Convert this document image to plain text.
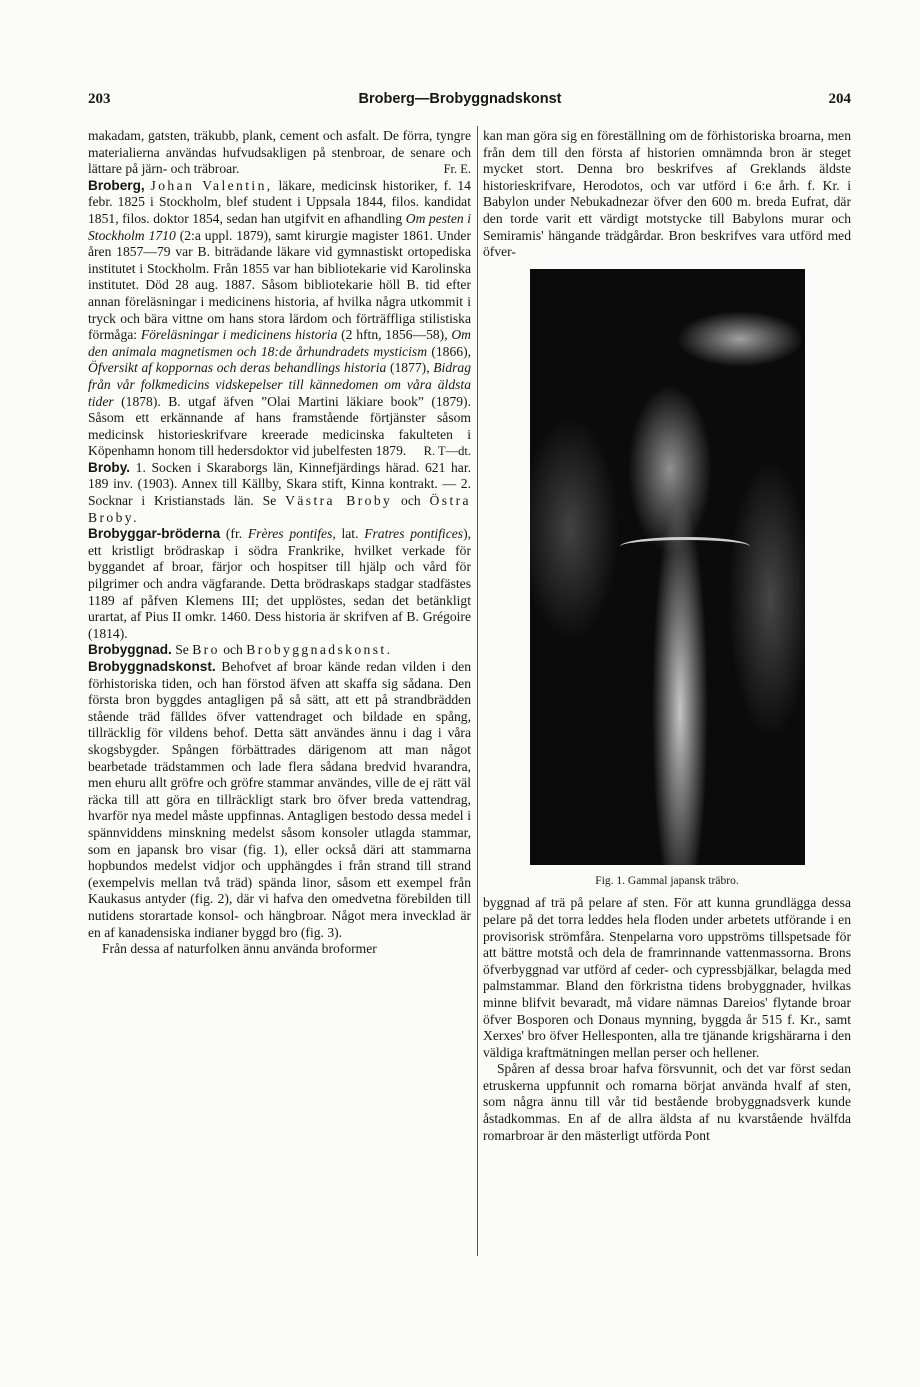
203	Broberg—Brobyggnadskonst	204

makadam, gatsten, träkubb, plank, cement och asfalt. De förra, tyngre materialierna användas hufvudsakligen på stenbroar, de senare och lättare på järn- och träbroar.	Fr. E.

Broberg, Johan Valentin, läkare, medicinsk historiker, f. 14 febr. 1825 i Stockholm, blef student i Uppsala 1844, filos. kandidat 1851, filos. doktor 1854, sedan han utgifvit en afhandling Om pesten i Stockholm 1710 (2:a uppl. 1879), samt kirurgie magister 1861. Under åren 1857—79 var B. biträdande läkare vid gymnastiskt ortopediska institutet i Stockholm. Från 1855 var han bibliotekarie vid Karolinska institutet. Död 28 aug. 1887. Såsom bibliotekarie höll B. tid efter annan föreläsningar i medicinens historia, af hvilka några utkommit i tryck och bära vittne om hans stora lärdom och förträffliga stilistiska förmåga: Föreläsningar i medicinens historia (2 hftn, 1856—58), Om den animala magnetismen och 18:de århundradets mysticism (1866), Öfversikt af koppornas och deras behandlings historia (1877), Bidrag från vår folkmedicins vidskepelser till kännedomen om våra äldsta tider (1878). B. utgaf äfven ”Olai Martini läkiare book” (1879). Såsom ett erkännande af hans framstående förtjänster såsom medicinsk historieskrifvare kreerade medicinska fakulteten i Köpenhamn honom till hedersdoktor vid jubelfesten 1879. R. T—dt.

Broby. 1. Socken i Skaraborgs län, Kinnefjärdings härad. 621 har. 189 inv. (1903). Annex till Källby, Skara stift, Kinna kontrakt. — 2. Socknar i Kristianstads län. Se Västra Broby och Östra Broby.

Brobyggar-bröderna (fr. Frères pontifes, lat. Fratres pontifices), ett kristligt brödraskap i södra Frankrike, hvilket verkade för byggandet af broar, färjor och hospitser till hjälp och vård för pilgrimer och andra vägfarande. Detta brödraskaps stadgar stadfästes 1189 af påfven Klemens III; det upplöstes, sedan det betänkligt urartat, af Pius II omkr. 1460. Dess historia är skrifven af B. Grégoire (1814).

Brobyggnad. Se Bro och Brobyggnadskonst.

Brobyggnadskonst. Behofvet af broar kände redan vilden i den förhistoriska tiden, och han förstod äfven att skaffa sig sådana. Den första bron byggdes antagligen på så sätt, att ett på strandbrädden stående träd fälldes öfver vattendraget och bildade en spång, tillräcklig för vildens behof. Detta sätt användes ännu i dag i våra skogsbygder. Spången förbättrades därigenom att man något bearbetade trädstammen och lade flera sådana bredvid hvarandra, men ehuru allt gröfre och gröfre stammar användes, ville de ej rätt väl räcka till att göra en tillräckligt stark bro öfver breda vattendrag, hvarför nya medel måste uppfinnas. Antagligen bestodo dessa medel i spännviddens minskning medelst såsom konsoler utlagda stammar, som en japansk bro visar (fig. 1), eller också däri att stammarna hopbundos medelst vidjor och upphängdes i från strand till strand (exempelvis mellan två träd) spända linor, såsom ett exempel från Kaukasus antyder (fig. 2), där vi hafva den omedvetna förebilden till nutidens storartade konsol- och hängbroar. Något mera invecklad är en af kanadensiska indianer byggd bro (fig. 3).

Från dessa af naturfolken ännu använda broformer

kan man göra sig en föreställning om de förhistoriska broarna, men från dem till den första af historien omnämnda bron är steget mycket stort. Denna bro beskrifves af Greklands äldste historieskrifvare, Herodotos, och var utförd i 6:e årh. f. Kr. i Babylon under Nebukadnezar öfver den 600 m. breda Eufrat, där den torde varit ett värdigt motstycke till Babylons murar och Semiramis' hängande trädgårdar. Bron beskrifves vara utförd med öfver-

Fig. 1. Gammal japansk träbro.

byggnad af trä på pelare af sten. För att kunna grundlägga dessa pelare på det torra leddes hela floden under arbetets utförande i en provisorisk strömfåra. Stenpelarna voro uppströms tillspetsade för att bättre motstå och dela de framrinnande vattenmassorna. Brons öfverbyggnad var utförd af ceder- och cypressbjälkar, belagda med palmstammar. Bland den förkristna tidens brobyggnader, hvilkas minne blifvit bevaradt, må vidare nämnas Dareios' flytande broar öfver Bosporen och Donaus mynning, byggda år 515 f. Kr., samt Xerxes' bro öfver Hellesponten, alla tre tjänande krigshärarna i den väldiga kraftmätningen mellan perser och hellener.

Spåren af dessa broar hafva försvunnit, och det var först sedan etruskerna uppfunnit och romarna börjat använda hvalf af sten, som några ännu till vår tid bestående brobyggnadsverk kunde åstadkommas. En af de allra äldsta af nu kvarstående hvälfda romarbroar är den mästerligt utförda Pont
